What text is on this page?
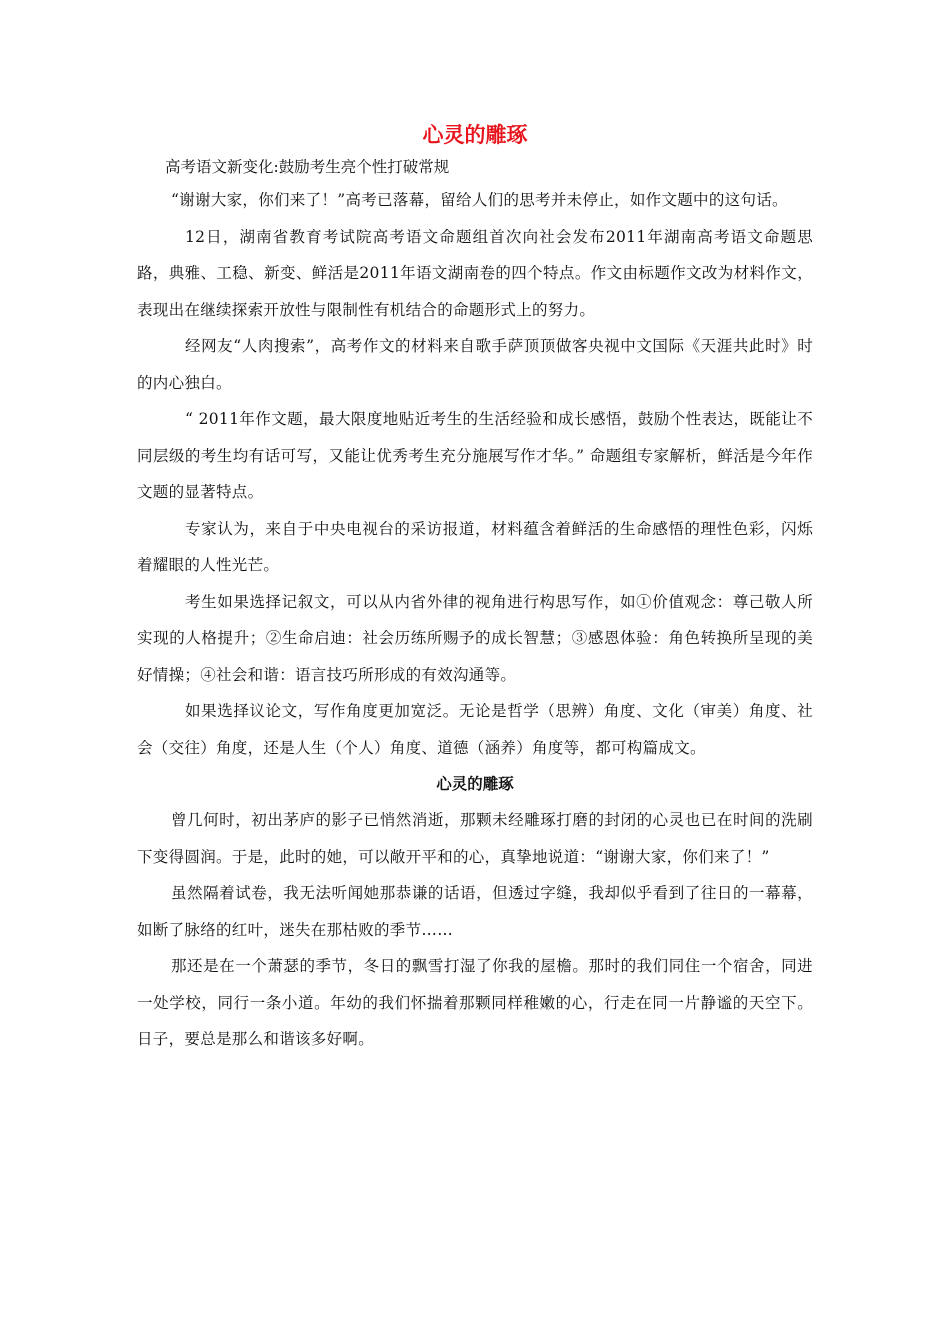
心灵的雕琢

高考语文新变化:鼓励考生亮个性打破常规

“谢谢大家，你们来了！”高考已落幕，留给人们的思考并未停止，如作文题中的这句话。

12日，湖南省教育考试院高考语文命题组首次向社会发布2011年湖南高考语文命题思路，典雅、工稳、新变、鲜活是2011年语文湖南卷的四个特点。作文由标题作文改为材料作文，表现出在继续探索开放性与限制性有机结合的命题形式上的努力。

经网友“人肉搜索”，高考作文的材料来自歌手萨顶顶做客央视中文国际《天涯共此时》时的内心独白。

“ 2011年作文题，最大限度地贴近考生的生活经验和成长感悟，鼓励个性表达，既能让不同层级的考生均有话可写，又能让优秀考生充分施展写作才华。” 命题组专家解析，鲜活是今年作文题的显著特点。

专家认为，来自于中央电视台的采访报道，材料蕴含着鲜活的生命感悟的理性色彩，闪烁着耀眼的人性光芒。

考生如果选择记叙文，可以从内省外律的视角进行构思写作，如①价值观念：尊己敬人所实现的人格提升；②生命启迪：社会历练所赐予的成长智慧；③感恩体验：角色转换所呈现的美好情操；④社会和谐：语言技巧所形成的有效沟通等。

如果选择议论文，写作角度更加宽泛。无论是哲学（思辨）角度、文化（审美）角度、社会（交往）角度，还是人生（个人）角度、道德（涵养）角度等，都可构篇成文。

心灵的雕琢

曾几何时，初出茅庐的影子已悄然消逝，那颗未经雕琢打磨的封闭的心灵也已在时间的洗刷下变得圆润。于是，此时的她，可以敞开平和的心，真挚地说道：“谢谢大家，你们来了！”

虽然隔着试卷，我无法听闻她那恭谦的话语，但透过字缝，我却似乎看到了往日的一幕幕，如断了脉络的红叶，迷失在那枯败的季节……

那还是在一个萧瑟的季节，冬日的飘雪打湿了你我的屋檐。那时的我们同住一个宿舍，同进一处学校，同行一条小道。年幼的我们怀揣着那颗同样稚嫩的心，行走在同一片静谧的天空下。日子，要总是那么和谐该多好啊。
